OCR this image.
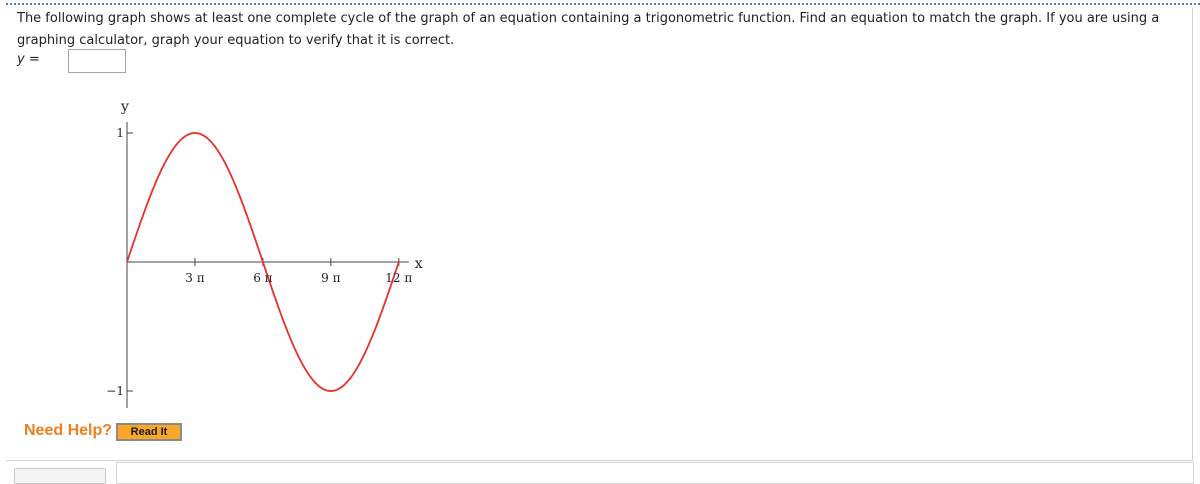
The following graph shows at least one complete cycle of the graph of an equation containing a trigonometric function. Find an equation to match the graph. If you are using a graphing calculator, graph your equation to verify that it is correct.
y =
3 π	6 π	9 π	12 π
1
−1
y
x
Need Help?	Read It
